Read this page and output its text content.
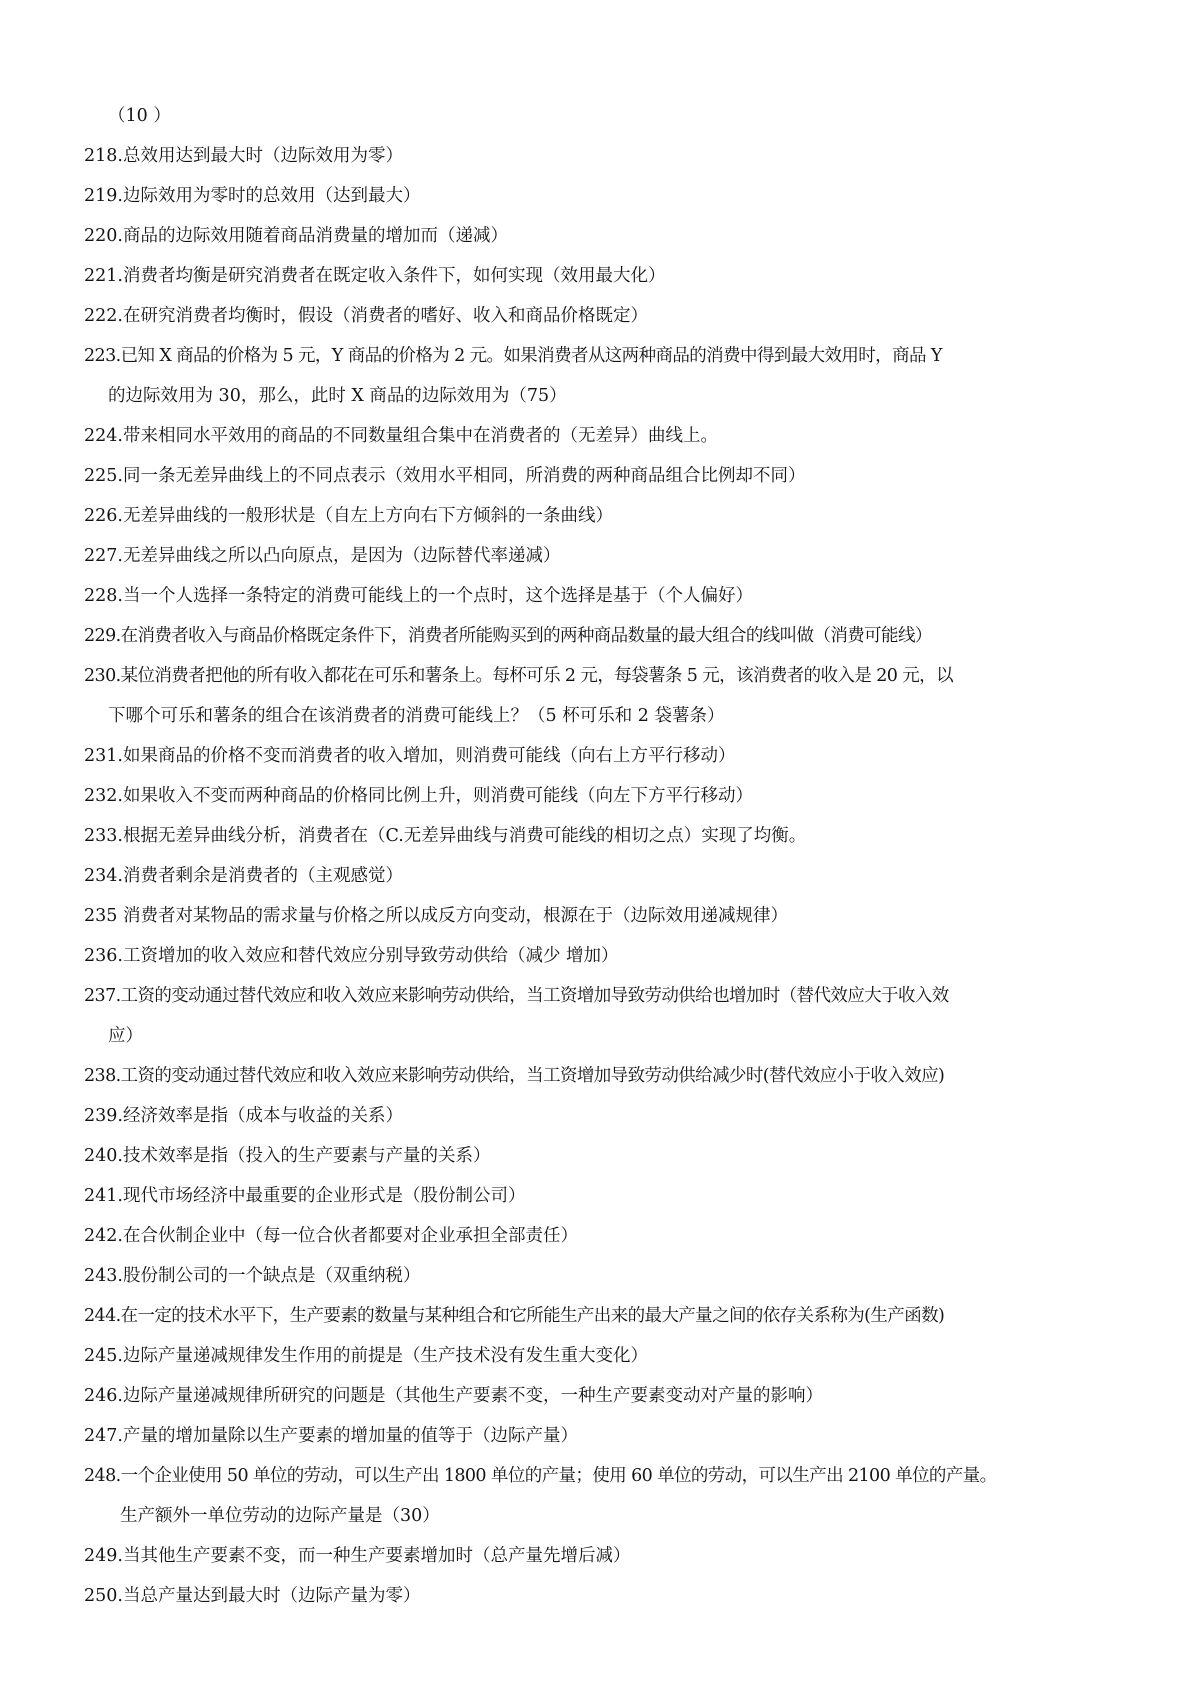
（10 ）
218.总效用达到最大时（边际效用为零）
219.边际效用为零时的总效用（达到最大）
220.商品的边际效用随着商品消费量的增加而（递减）
221.消费者均衡是研究消费者在既定收入条件下，如何实现（效用最大化）
222.在研究消费者均衡时，假设（消费者的嗜好、收入和商品价格既定）
223.已知 X 商品的价格为 5 元，Y 商品的价格为 2 元。如果消费者从这两种商品的消费中得到最大效用时，商品 Y
的边际效用为 30，那么，此时 X 商品的边际效用为（75）
224.带来相同水平效用的商品的不同数量组合集中在消费者的（无差异）曲线上。
225.同一条无差异曲线上的不同点表示（效用水平相同，所消费的两种商品组合比例却不同）
226.无差异曲线的一般形状是（自左上方向右下方倾斜的一条曲线）
227.无差异曲线之所以凸向原点，是因为（边际替代率递减）
228.当一个人选择一条特定的消费可能线上的一个点时，这个选择是基于（个人偏好）
229.在消费者收入与商品价格既定条件下，消费者所能购买到的两种商品数量的最大组合的线叫做（消费可能线）
230.某位消费者把他的所有收入都花在可乐和薯条上。每杯可乐 2 元，每袋薯条 5 元，该消费者的收入是 20 元，以
下哪个可乐和薯条的组合在该消费者的消费可能线上？（5 杯可乐和 2 袋薯条）
231.如果商品的价格不变而消费者的收入增加，则消费可能线（向右上方平行移动）
232.如果收入不变而两种商品的价格同比例上升，则消费可能线（向左下方平行移动）
233.根据无差异曲线分析，消费者在（C.无差异曲线与消费可能线的相切之点）实现了均衡。
234.消费者剩余是消费者的（主观感觉）
235 消费者对某物品的需求量与价格之所以成反方向变动，根源在于（边际效用递减规律）
236.工资增加的收入效应和替代效应分别导致劳动供给（减少 增加）
237.工资的变动通过替代效应和收入效应来影响劳动供给，当工资增加导致劳动供给也增加时（替代效应大于收入效
应）
238.工资的变动通过替代效应和收入效应来影响劳动供给，当工资增加导致劳动供给减少时(替代效应小于收入效应)
239.经济效率是指（成本与收益的关系）
240.技术效率是指（投入的生产要素与产量的关系）
241.现代市场经济中最重要的企业形式是（股份制公司）
242.在合伙制企业中（每一位合伙者都要对企业承担全部责任）
243.股份制公司的一个缺点是（双重纳税）
244.在一定的技术水平下，生产要素的数量与某种组合和它所能生产出来的最大产量之间的依存关系称为(生产函数)
245.边际产量递减规律发生作用的前提是（生产技术没有发生重大变化）
246.边际产量递减规律所研究的问题是（其他生产要素不变，一种生产要素变动对产量的影响）
247.产量的增加量除以生产要素的增加量的值等于（边际产量）
248.一个企业使用 50 单位的劳动，可以生产出 1800 单位的产量；使用 60 单位的劳动，可以生产出 2100 单位的产量。
生产额外一单位劳动的边际产量是（30）
249.当其他生产要素不变，而一种生产要素增加时（总产量先增后减）
250.当总产量达到最大时（边际产量为零）
